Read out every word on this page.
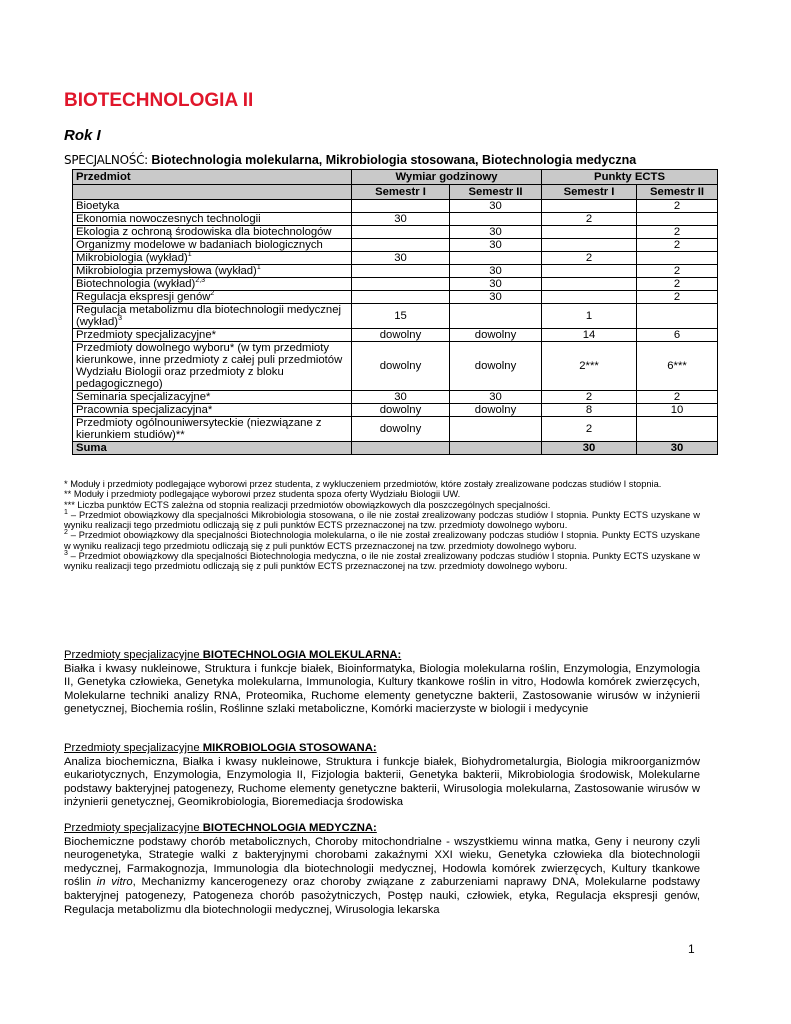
BIOTECHNOLOGIA II
Rok I
SPECJALNOŚĆ: Biotechnologia molekularna, Mikrobiologia stosowana, Biotechnologia medyczna
Przedmiot	Wymiar godzinowy		Punkty ECTS	
	Semestr I	Semestr II	Semestr I	Semestr II
Bioetyka		30		2
Ekonomia nowoczesnych technologii	30		2	
Ekologia z ochroną środowiska dla biotechnologów		30		2
Organizmy modelowe w badaniach biologicznych		30		2
Mikrobiologia (wykład)$^1$	30		2	
Mikrobiologia przemysłowa (wykład)$^1$		30		2
Biotechnologia (wykład)$^{2,3}$		30		2
Regulacja ekspresji genów$^2$		30		2
Regulacja metabolizmu dla biotechnologii medycznej (wykład)$^3$	15		1	
Przedmioty specjalizacyjne*	dowolny	dowolny	14	6
Przedmioty dowolnego wyboru* (w tym przedmioty kierunkowe, inne przedmioty z całej puli przedmiotów Wydziału Biologii oraz przedmioty z bloku pedagogicznego)	dowolny	dowolny	2***	6***
Seminaria specjalizacyjne*	30	30	2	2
Pracownia specjalizacyjna*	dowolny	dowolny	8	10
Przedmioty ogólnouniwersyteckie (niezwiązane z kierunkiem studiów)**	dowolny		2	
Suma			30	30

* Moduły i przedmioty podlegające wyborowi przez studenta, z wykluczeniem przedmiotów, które zostały zrealizowane podczas studiów I stopnia.

** Moduły i przedmioty podlegające wyborowi przez studenta spoza oferty Wydziału Biologii UW.

*** Liczba punktów ECTS zależna od stopnia realizacji przedmiotów obowiązkowych dla poszczególnych specjalności.

$^1$ – Przedmiot obowiązkowy dla specjalności Mikrobiologia stosowana, o ile nie został zrealizowany podczas studiów I stopnia. Punkty ECTS uzyskane w wyniku realizacji tego przedmiotu odliczają się z puli punktów ECTS przeznaczonej na tzw. przedmioty dowolnego wyboru.

$^2$ – Przedmiot obowiązkowy dla specjalności Biotechnologia molekularna, o ile nie został zrealizowany podczas studiów I stopnia. Punkty ECTS uzyskane w wyniku realizacji tego przedmiotu odliczają się z puli punktów ECTS przeznaczonej na tzw. przedmioty dowolnego wyboru.

$^3$ – Przedmiot obowiązkowy dla specjalności Biotechnologia medyczna, o ile nie został zrealizowany podczas studiów I stopnia. Punkty ECTS uzyskane w wyniku realizacji tego przedmiotu odliczają się z puli punktów ECTS przeznaczonej na tzw. przedmioty dowolnego wyboru.

Przedmioty specjalizacyjne BIOTECHNOLOGIA MOLEKULARNA:

Białka i kwasy nukleinowe, Struktura i funkcje białek, Bioinformatyka, Biologia molekularna roślin, Enzymologia, Enzymologia II, Genetyka człowieka, Genetyka molekularna, Immunologia, Kultury tkankowe roślin in vitro, Hodowla komórek zwierzęcych, Molekularne techniki analizy RNA, Proteomika, Ruchome elementy genetyczne bakterii, Zastosowanie wirusów w inżynierii genetycznej, Biochemia roślin, Roślinne szlaki metaboliczne, Komórki macierzyste w biologii i medycynie

Przedmioty specjalizacyjne MIKROBIOLOGIA STOSOWANA:

Analiza biochemiczna, Białka i kwasy nukleinowe, Struktura i funkcje białek, Biohydrometalurgia, Biologia mikroorganizmów eukariotycznych, Enzymologia, Enzymologia II, Fizjologia bakterii, Genetyka bakterii, Mikrobiologia środowisk, Molekularne podstawy bakteryjnej patogenezy, Ruchome elementy genetyczne bakterii, Wirusologia molekularna, Zastosowanie wirusów w inżynierii genetycznej, Geomikrobiologia, Bioremediacja środowiska

Przedmioty specjalizacyjne BIOTECHNOLOGIA MEDYCZNA:

Biochemiczne podstawy chorób metabolicznych, Choroby mitochondrialne - wszystkiemu winna matka, Geny i neurony czyli neurogenetyka, Strategie walki z bakteryjnymi chorobami zakaźnymi XXI wieku, Genetyka człowieka dla biotechnologii medycznej, Farmakognozja, Immunologia dla biotechnologii medycznej, Hodowla komórek zwierzęcych, Kultury tkankowe roślin in vitro, Mechanizmy kancerogenezy oraz choroby związane z zaburzeniami naprawy DNA, Molekularne podstawy bakteryjnej patogenezy, Patogeneza chorób pasożytniczych, Postęp nauki, człowiek, etyka, Regulacja ekspresji genów, Regulacja metabolizmu dla biotechnologii medycznej, Wirusologia lekarska

1
